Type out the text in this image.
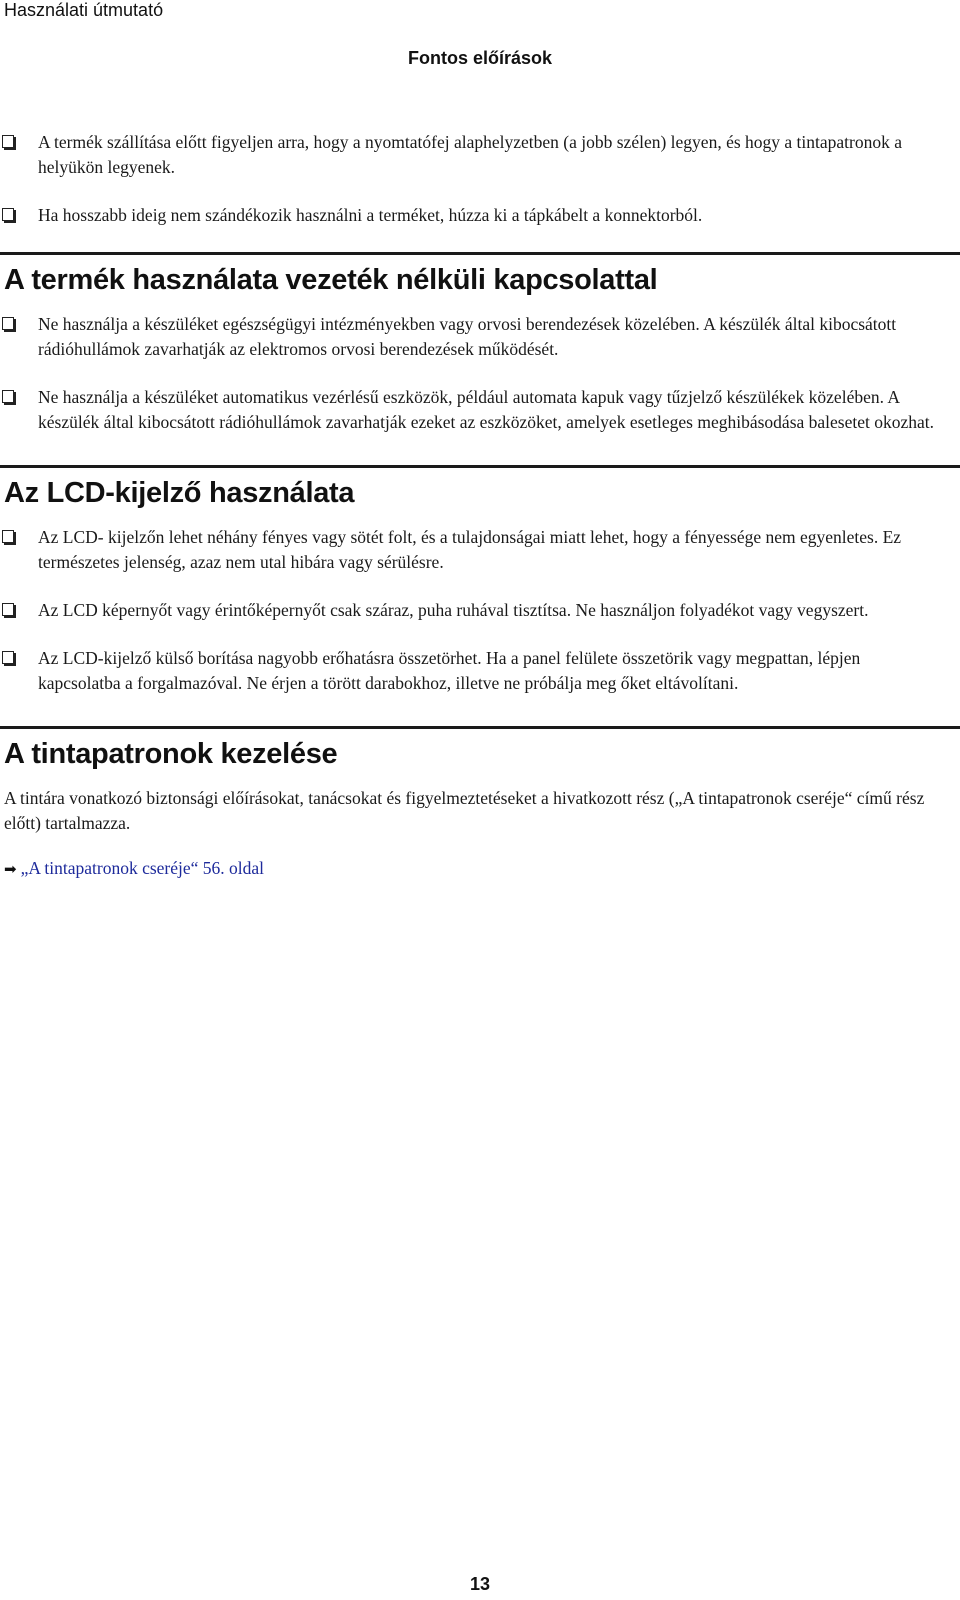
Használati útmutató
Fontos előírások
A termék szállítása előtt figyeljen arra, hogy a nyomtatófej alaphelyzetben (a jobb szélen) legyen, és hogy a tintapatronok a helyükön legyenek.
Ha hosszabb ideig nem szándékozik használni a terméket, húzza ki a tápkábelt a konnektorból.
A termék használata vezeték nélküli kapcsolattal
Ne használja a készüléket egészségügyi intézményekben vagy orvosi berendezések közelében. A készülék által kibocsátott rádióhullámok zavarhatják az elektromos orvosi berendezések működését.
Ne használja a készüléket automatikus vezérlésű eszközök, például automata kapuk vagy tűzjelző készülékek közelében. A készülék által kibocsátott rádióhullámok zavarhatják ezeket az eszközöket, amelyek esetleges meghibásodása balesetet okozhat.
Az LCD-kijelző használata
Az LCD- kijelzőn lehet néhány fényes vagy sötét folt, és a tulajdonságai miatt lehet, hogy a fényessége nem egyenletes. Ez természetes jelenség, azaz nem utal hibára vagy sérülésre.
Az LCD képernyőt vagy érintőképernyőt csak száraz, puha ruhával tisztítsa. Ne használjon folyadékot vagy vegyszert.
Az LCD-kijelző külső borítása nagyobb erőhatásra összetörhet. Ha a panel felülete összetörik vagy megpattan, lépjen kapcsolatba a forgalmazóval. Ne érjen a törött darabokhoz, illetve ne próbálja meg őket eltávolítani.
A tintapatronok kezelése

A tintára vonatkozó biztonsági előírásokat, tanácsokat és figyelmeztetéseket a hivatkozott rész („A tintapatronok cseréje“ című rész előtt) tartalmazza.

➡ „A tintapatronok cseréje“ 56. oldal

13
